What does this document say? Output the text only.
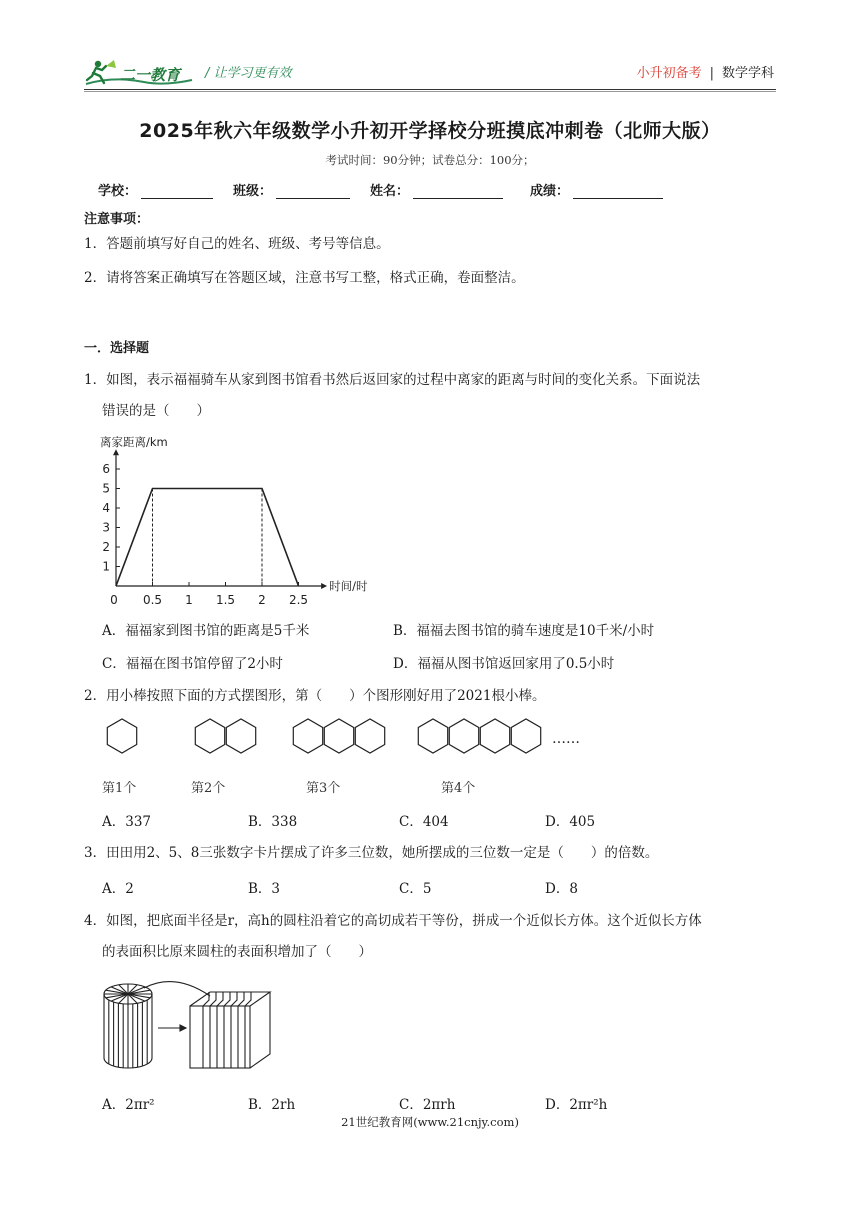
二一教育 / 让学习更有效	小升初备考 | 数学学科
2025年秋六年级数学小升初开学择校分班摸底冲刺卷（北师大版）
考试时间：90分钟；试卷总分：100分；
学校：	班级：	姓名：	成绩：
注意事项：
1．答题前填写好自己的姓名、班级、考号等信息。
2．请将答案正确填写在答题区域，注意书写工整，格式正确，卷面整洁。
一．选择题
1．如图，表示福福骑车从家到图书馆看书然后返回家的过程中离家的距离与时间的变化关系。下面说法
错误的是（　　）
离家距离/km
1
2
3
4
5
6
0 0.5 1 1.5 2 2.5
时间/时
A．福福家到图书馆的距离是5千米	B．福福去图书馆的骑车速度是10千米/小时
C．福福在图书馆停留了2小时	D．福福从图书馆返回家用了0.5小时
2．用小棒按照下面的方式摆图形，第（　　）个图形刚好用了2021根小棒。
……
第1个	第2个	第3个	第4个
A．337	B．338	C．404	D．405
3．田田用2、5、8三张数字卡片摆成了许多三位数，她所摆成的三位数一定是（　　）的倍数。
A．2	B．3	C．5	D．8
4．如图，把底面半径是r，高h的圆柱沿着它的高切成若干等份，拼成一个近似长方体。这个近似长方体
的表面积比原来圆柱的表面积增加了（　　）
A．2πr²	B．2rh	C．2πrh	D．2πr²h
21世纪教育网(www.21cnjy.com)
